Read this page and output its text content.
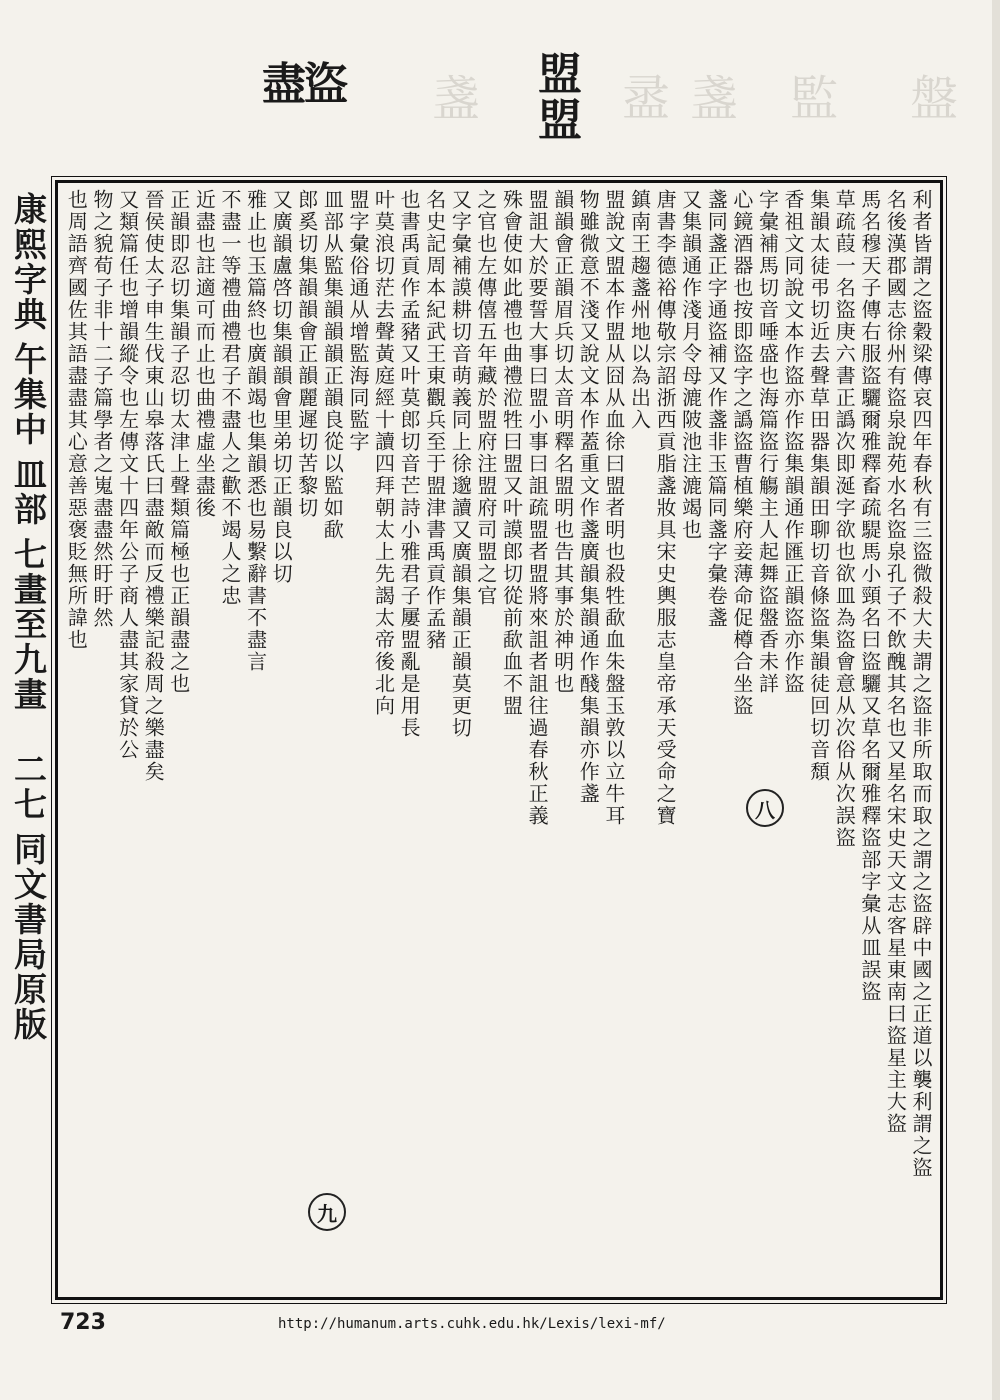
盞	盝 盞 監 盤
盡 盜	盟
盟
康熙字典
午集中
皿部
七畫至九畫
二七
同文書局原版	利者皆謂之盜穀梁傳哀四年春秋有三盜微殺大夫謂之盜非所取而取之謂之盜辟中國之正道以襲利謂之盜
名後漢郡國志徐州有盜泉說苑水名盜泉孔子不飲醜其名也又星名宋史天文志客星東南曰盜星主大盜
馬名穆天子傳右服盜驪爾雅釋畜疏騠馬小頸名曰盜驪又草名爾雅釋盜部字彙从皿誤盜
草疏葭一名盜庚六書正譌次即涎字欲也欲皿為盜會意从次俗从次誤盜
集韻太徒弔切近去聲草田器集韻田聊切音條盜集韻徒回切音頹
香祖文同說文本作盜亦作盜集韻通作匯正韻盜亦作盜
字彙補馬切音唾盛也海篇盜行觴主人起舞盜盤香未詳
心鏡酒器也按即盜字之譌盜曹植樂府妾薄命促樽合坐盜
盞同盞正字通盜補又作盞非玉篇同盞字彙卷盞
又集韻通作淺月令母漉陂池注漉竭也
唐書李德裕傳敬宗詔浙西貢脂盞妝具宋史輿服志皇帝承天受命之寶
鎮南王趨盞州地以為出入
盟說文盟本作盟从囧从血徐曰盟者明也殺牲歃血朱盤玉敦以立牛耳
物雖微意不淺又說文本作蓋重文作盞廣韻集韻通作醆集韻亦作盞
韻韻會正韻眉兵切太音明釋名盟明也告其事於神明也
盟詛大於要誓大事曰盟小事曰詛疏盟者盟將來詛者詛往過春秋正義
殊會使如此禮也曲禮涖牲曰盟又叶謨郎切從前歃血不盟
之官也左傳僖五年藏於盟府注盟府司盟之官
又字彙補謨耕切音萌義同上徐邈讀又廣韻集韻正韻莫更切
名史記周本紀武王東觀兵至于盟津書禹貢作孟豬
也書禹貢作孟豬又叶莫郎切音芒詩小雅君子屢盟亂是用長
叶莫浪切茫去聲黃庭經十讀四拜朝太上先謁太帝後北向
盟字彙俗通从增監海同監字
皿部从監集韻韻韻正韻良從以監如歃
郎奚切集韻韻會正韻麗遲切苦黎切
又廣韻盧啓切集韻韻會里弟切正韻良以切
雅止也玉篇終也廣韻竭也集韻悉也易繫辭書不盡言
不盡一等禮曲禮君子不盡人之歡不竭人之忠
近盡也註適可而止也曲禮虛坐盡後
正韻即忍切集韻子忍切太津上聲類篇極也正韻盡之也
晉侯使太子申生伐東山皋落氏曰盡敵而反禮樂記殺周之樂盡矣
又類篇任也增韻縱令也左傳文十四年公子商人盡其家貸於公
物之貌荀子非十二子篇學者之嵬盡盡然盱盱然
也周語齊國佐其語盡盡其心意善惡褒貶無所諱也
八
九
723	http://humanum.arts.cuhk.edu.hk/Lexis/lexi-mf/
